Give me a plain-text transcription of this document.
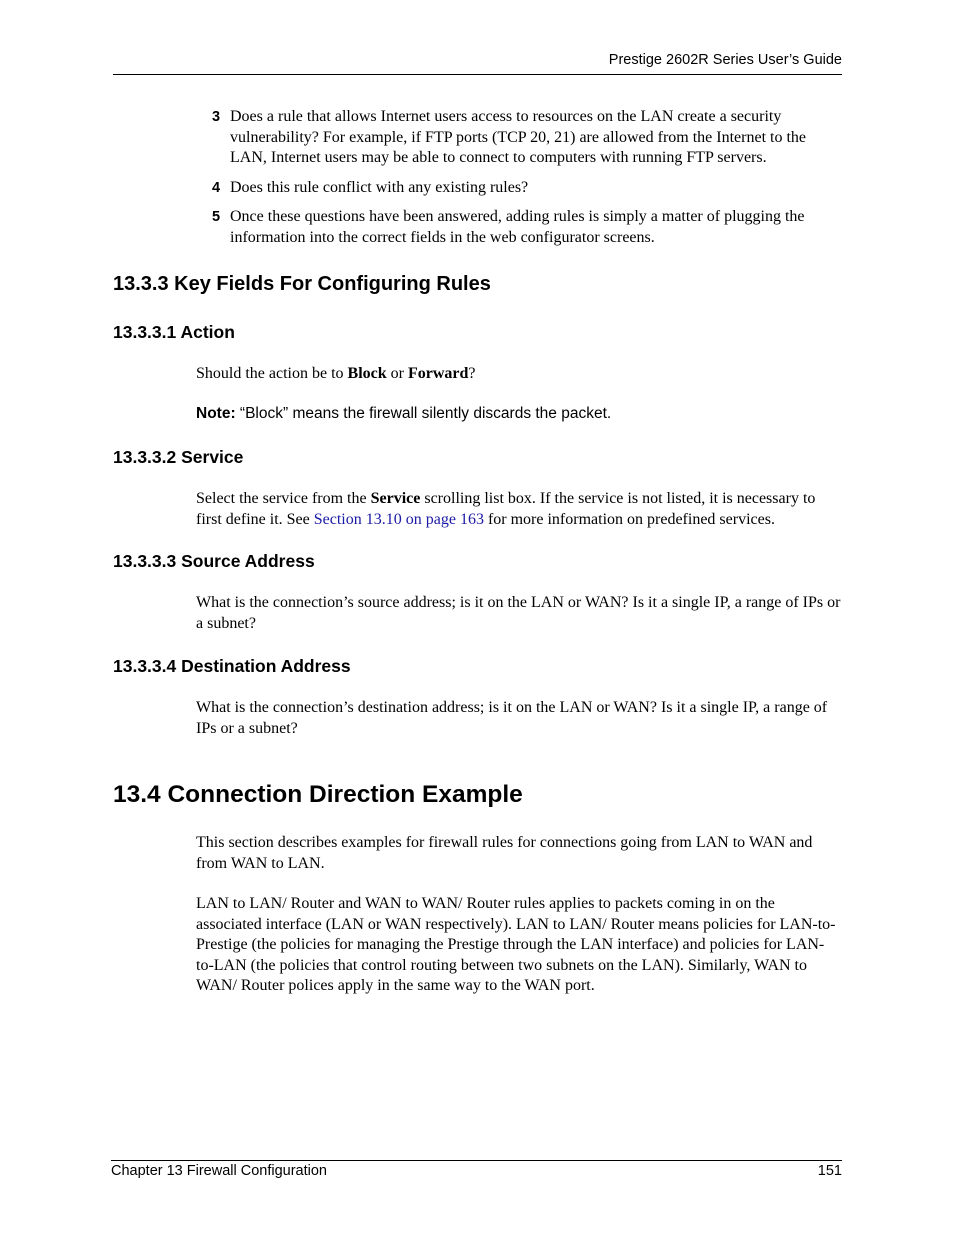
Prestige 2602R Series User’s Guide
3 Does a rule that allows Internet users access to resources on the LAN create a security vulnerability? For example, if FTP ports (TCP 20, 21) are allowed from the Internet to the LAN, Internet users may be able to connect to computers with running FTP servers.
4 Does this rule conflict with any existing rules?
5 Once these questions have been answered, adding rules is simply a matter of plugging the information into the correct fields in the web configurator screens.
13.3.3 Key Fields For Configuring Rules
13.3.3.1 Action
Should the action be to Block or Forward?
Note: “Block” means the firewall silently discards the packet.
13.3.3.2 Service
Select the service from the Service scrolling list box. If the service is not listed, it is necessary to first define it. See Section 13.10 on page 163 for more information on predefined services.
13.3.3.3 Source Address
What is the connection’s source address; is it on the LAN or WAN? Is it a single IP, a range of IPs or a subnet?
13.3.3.4 Destination Address
What is the connection’s destination address; is it on the LAN or WAN? Is it a single IP, a range of IPs or a subnet?
13.4 Connection Direction Example
This section describes examples for firewall rules for connections going from LAN to WAN and from WAN to LAN.
LAN to LAN/ Router and WAN to WAN/ Router rules applies to packets coming in on the associated interface (LAN or WAN respectively). LAN to LAN/ Router means policies for LAN-to-Prestige (the policies for managing the Prestige through the LAN interface) and policies for LAN-to-LAN (the policies that control routing between two subnets on the LAN). Similarly, WAN to WAN/ Router polices apply in the same way to the WAN port.
Chapter 13 Firewall Configuration	151
